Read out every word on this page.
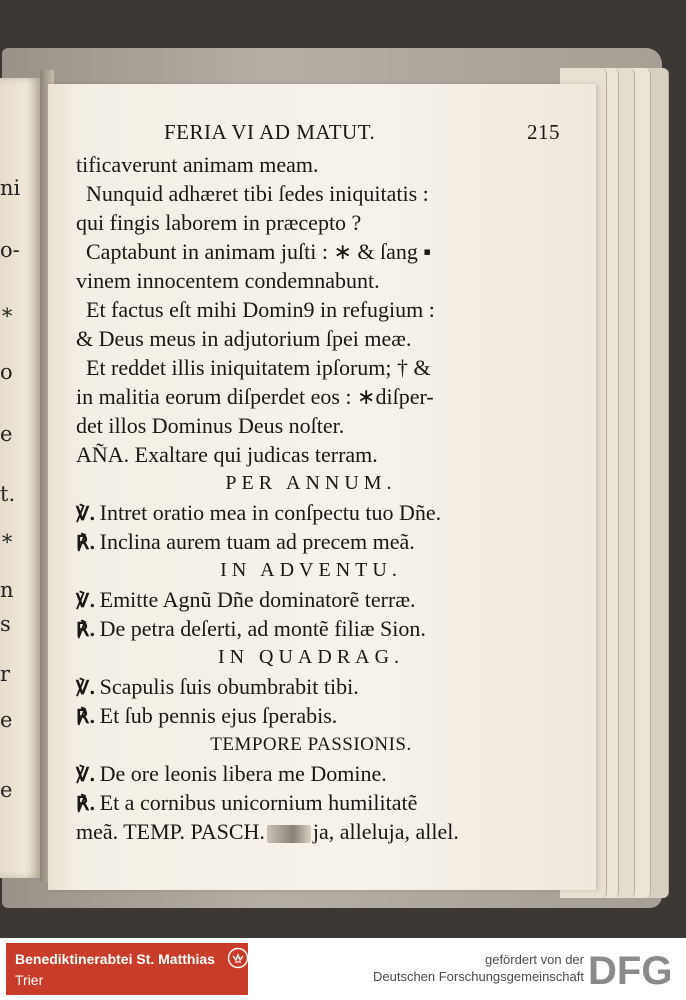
ni
o-
∗
o
e
t.
∗
n
s
r
e
e
FERIA VI AD MATUT.	215
tificaverunt animam meam.
Nunquid adhæret tibi ſedes iniquitatis :
qui fingis laborem in præcepto ?
Captabunt in animam juſti : ∗ & ſang ▪
vinem innocentem condemnabunt.
Et factus eſt mihi Domin9 in refugium :
& Deus meus in adjutorium ſpei meæ.
Et reddet illis iniquitatem ipſorum; † &
in malitia eorum diſperdet eos : ∗diſper-
det illos Dominus Deus noſter.
AÑA. Exaltare qui judicas terram.
PER ANNUM.
℣. Intret oratio mea in conſpectu tuo Dñe.
℟. Inclina aurem tuam ad precem meã.
IN ADVENTU.
℣. Emitte Agnũ Dñe dominatorẽ terræ.
℟. De petra deſerti, ad montẽ filiæ Sion.
IN QUADRAG.
℣. Scapulis ſuis obumbrabit tibi.
℟. Et ſub pennis ejus ſperabis.
TEMPORE PASSIONIS.
℣. De ore leonis libera me Domine.
℟. Et a cornibus unicornium humilitatẽ
meã. TEMP. PASCH. ja, alleluja, allel.
Benediktinerabtei St. Matthias
Trier
gefördert von der
Deutschen Forschungsgemeinschaft DFG
